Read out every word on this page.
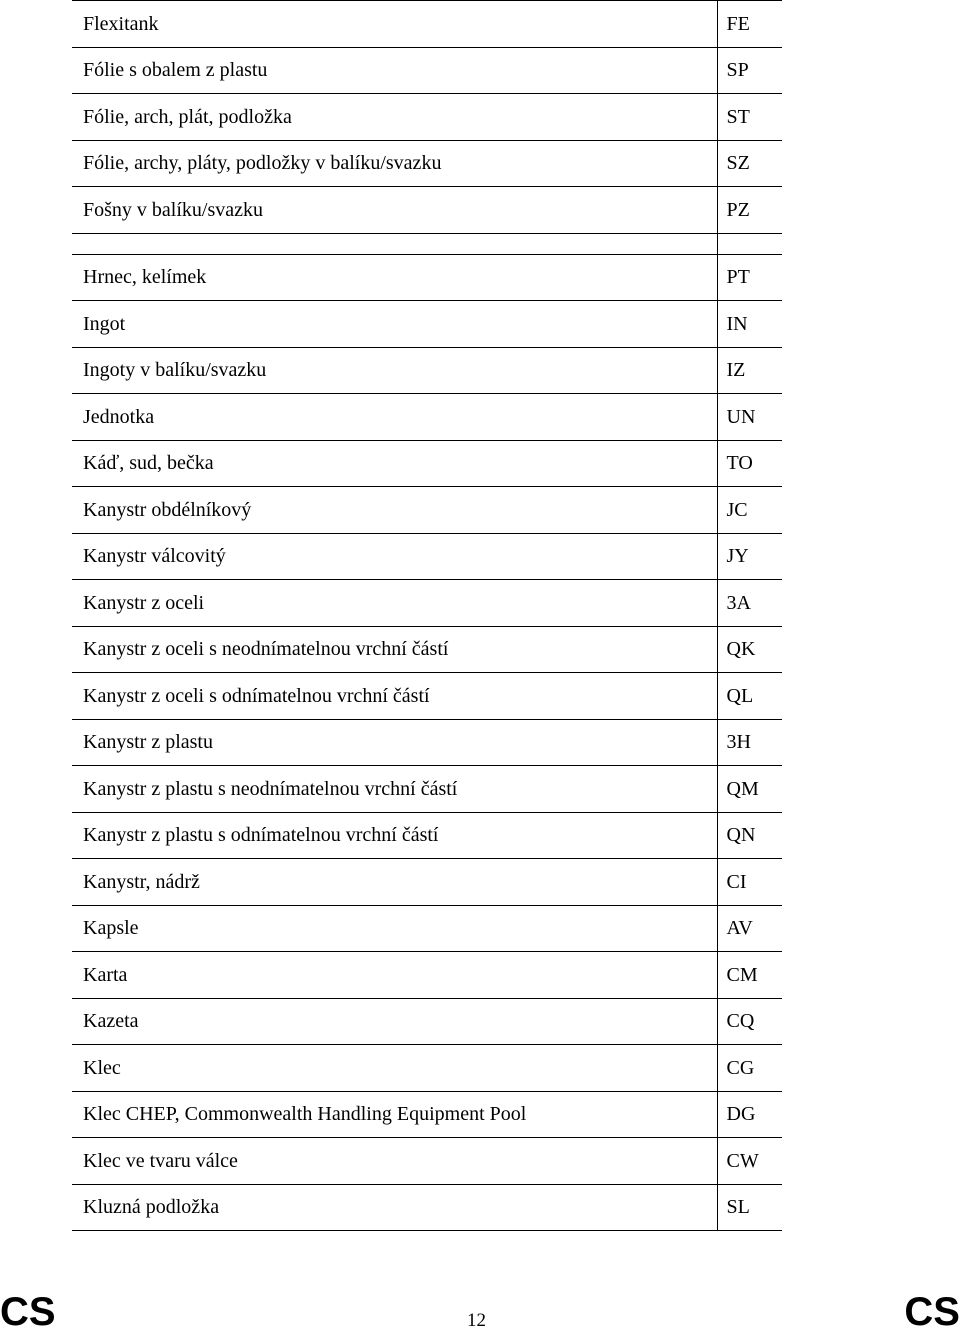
Flexitank	FE
Fólie s obalem z plastu	SP
Fólie, arch, plát, podložka	ST
Fólie, archy, pláty, podložky v balíku/svazku	SZ
Fošny v balíku/svazku	PZ

Hrnec, kelímek	PT
Ingot	IN
Ingoty v balíku/svazku	IZ
Jednotka	UN
Káď, sud, bečka	TO
Kanystr obdélníkový	JC
Kanystr válcovitý	JY
Kanystr z oceli	3A
Kanystr z oceli s neodnímatelnou vrchní částí	QK
Kanystr z oceli s odnímatelnou vrchní částí	QL
Kanystr z plastu	3H
Kanystr z plastu s neodnímatelnou vrchní částí	QM
Kanystr z plastu s odnímatelnou vrchní částí	QN
Kanystr, nádrž	CI
Kapsle	AV
Karta	CM
Kazeta	CQ
Klec	CG
Klec CHEP, Commonwealth Handling Equipment Pool	DG
Klec ve tvaru válce	CW
Kluzná podložka	SL
CS	12	CS
